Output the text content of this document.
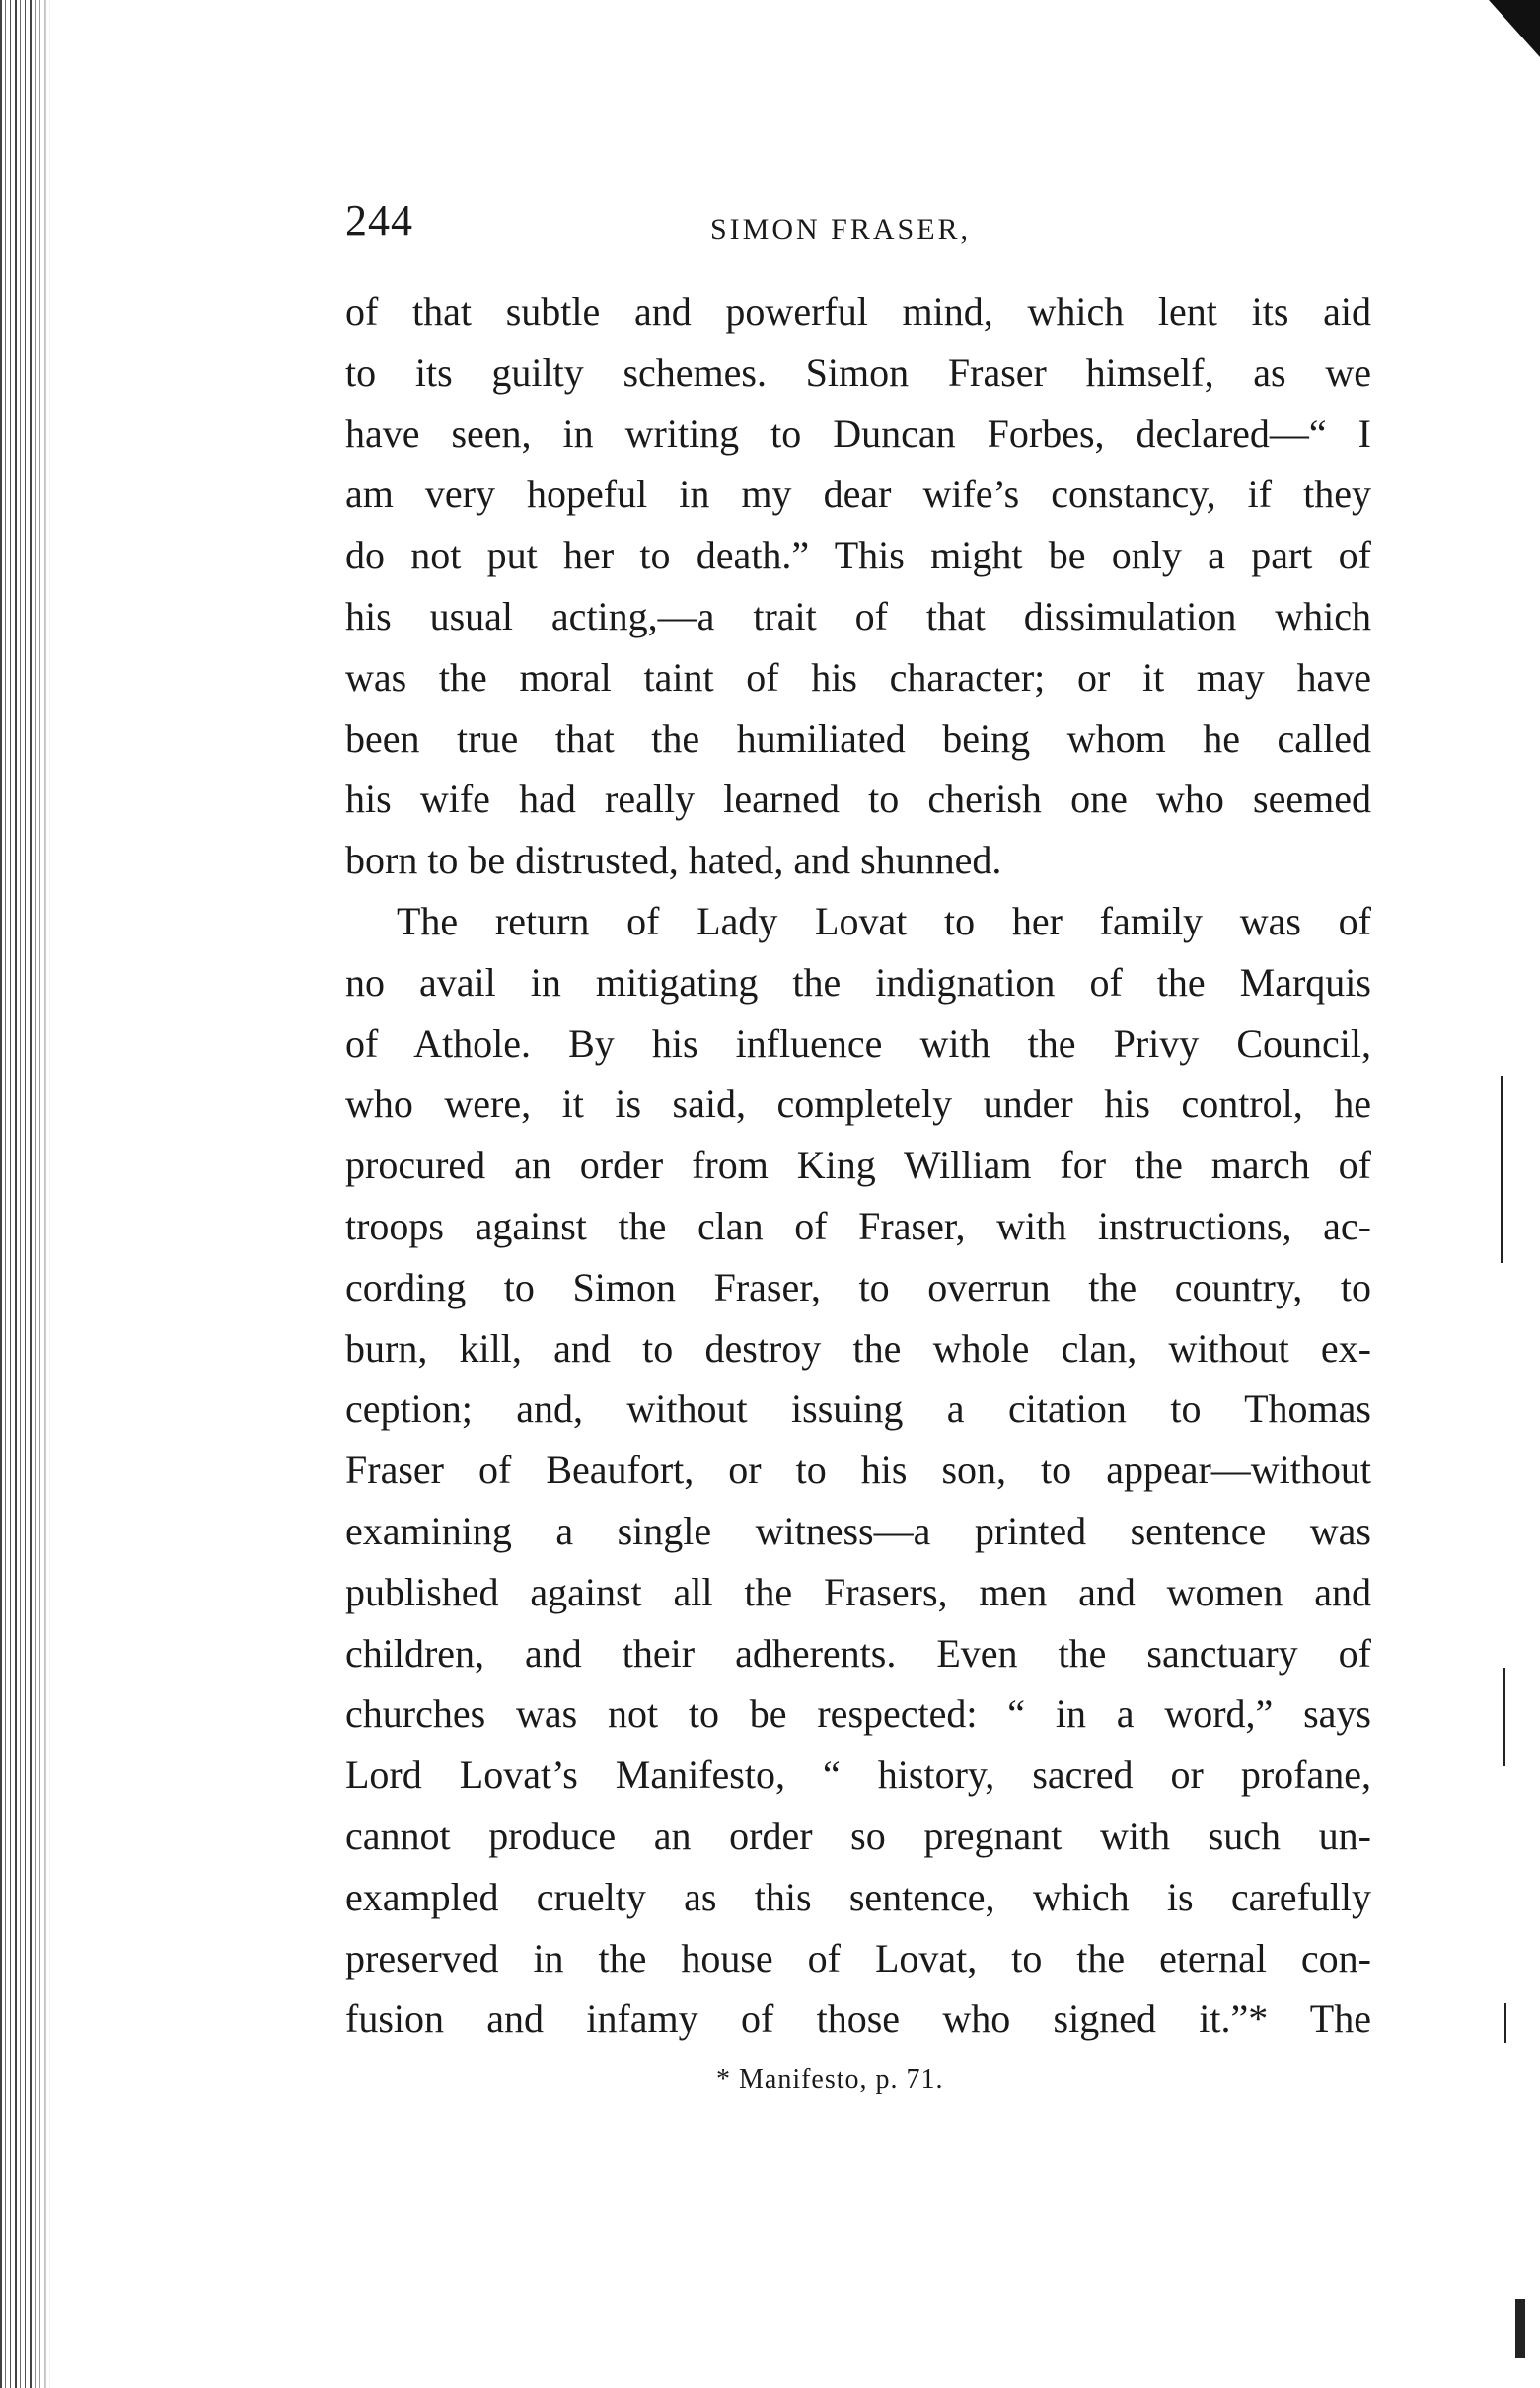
244	SIMON FRASER,
of that subtle and powerful mind, which lent its aid
to its guilty schemes. Simon Fraser himself, as we
have seen, in writing to Duncan Forbes, declared—“ I
am very hopeful in my dear wife’s constancy, if they
do not put her to death.” This might be only a part of
his usual acting,—a trait of that dissimulation which
was the moral taint of his character; or it may have
been true that the humiliated being whom he called
his wife had really learned to cherish one who seemed
born to be distrusted, hated, and shunned.
The return of Lady Lovat to her family was of
no avail in mitigating the indignation of the Marquis
of Athole. By his influence with the Privy Council,
who were, it is said, completely under his control, he
procured an order from King William for the march of
troops against the clan of Fraser, with instructions, ac-
cording to Simon Fraser, to overrun the country, to
burn, kill, and to destroy the whole clan, without ex-
ception; and, without issuing a citation to Thomas
Fraser of Beaufort, or to his son, to appear—without
examining a single witness—a printed sentence was
published against all the Frasers, men and women and
children, and their adherents. Even the sanctuary of
churches was not to be respected: “ in a word,” says
Lord Lovat’s Manifesto, “ history, sacred or profane,
cannot produce an order so pregnant with such un-
exampled cruelty as this sentence, which is carefully
preserved in the house of Lovat, to the eternal con-
fusion and infamy of those who signed it.”* The
* Manifesto, p. 71.
